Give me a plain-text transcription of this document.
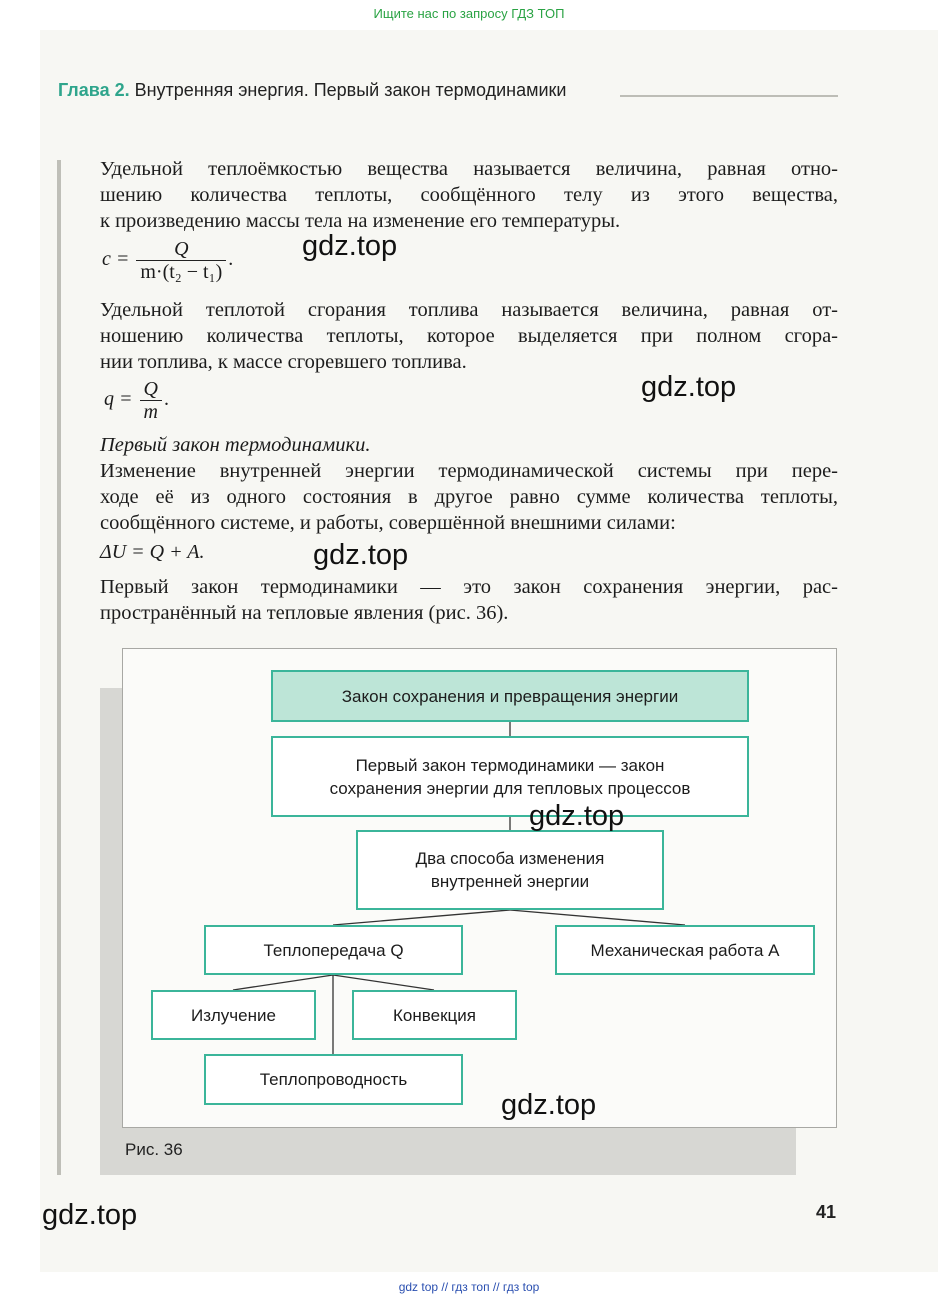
Ищите нас по запросу ГДЗ ТОП
Глава 2. Внутренняя энергия. Первый закон термодинамики
Удельной теплоёмкостью вещества называется величина, равная отно-
шению количества теплоты, сообщённого телу из этого вещества,
к произведению массы тела на изменение его температуры.
$c = \frac{Q}{\text{m·(t₂ − t₁)}}$ .
Удельной теплотой сгорания топлива называется величина, равная от-
ношению количества теплоты, которое выделяется при полном сгора-
нии топлива, к массе сгоревшего топлива.
$q = \frac{Q}{m}$ .
Первый закон термодинамики.
Изменение внутренней энергии термодинамической системы при пере-
ходе её из одного состояния в другое равно сумме количества теплоты,
сообщённого системе, и работы, совершённой внешними силами:
ΔU = Q + A.
Первый закон термодинамики — это закон сохранения энергии, рас-
пространённый на тепловые явления (рис. 36).
Закон сохранения и превращения энергии
Первый закон термодинамики — закон
сохранения энергии для тепловых процессов
Два способа изменения
внутренней энергии
Теплопередача Q	Механическая работа A
Излучение	Конвекция
Теплопроводность
Рис. 36
gdz.top
gdz.top
gdz.top
gdz.top
gdz.top
gdz.top	41
gdz top // гдз топ // гдз top
